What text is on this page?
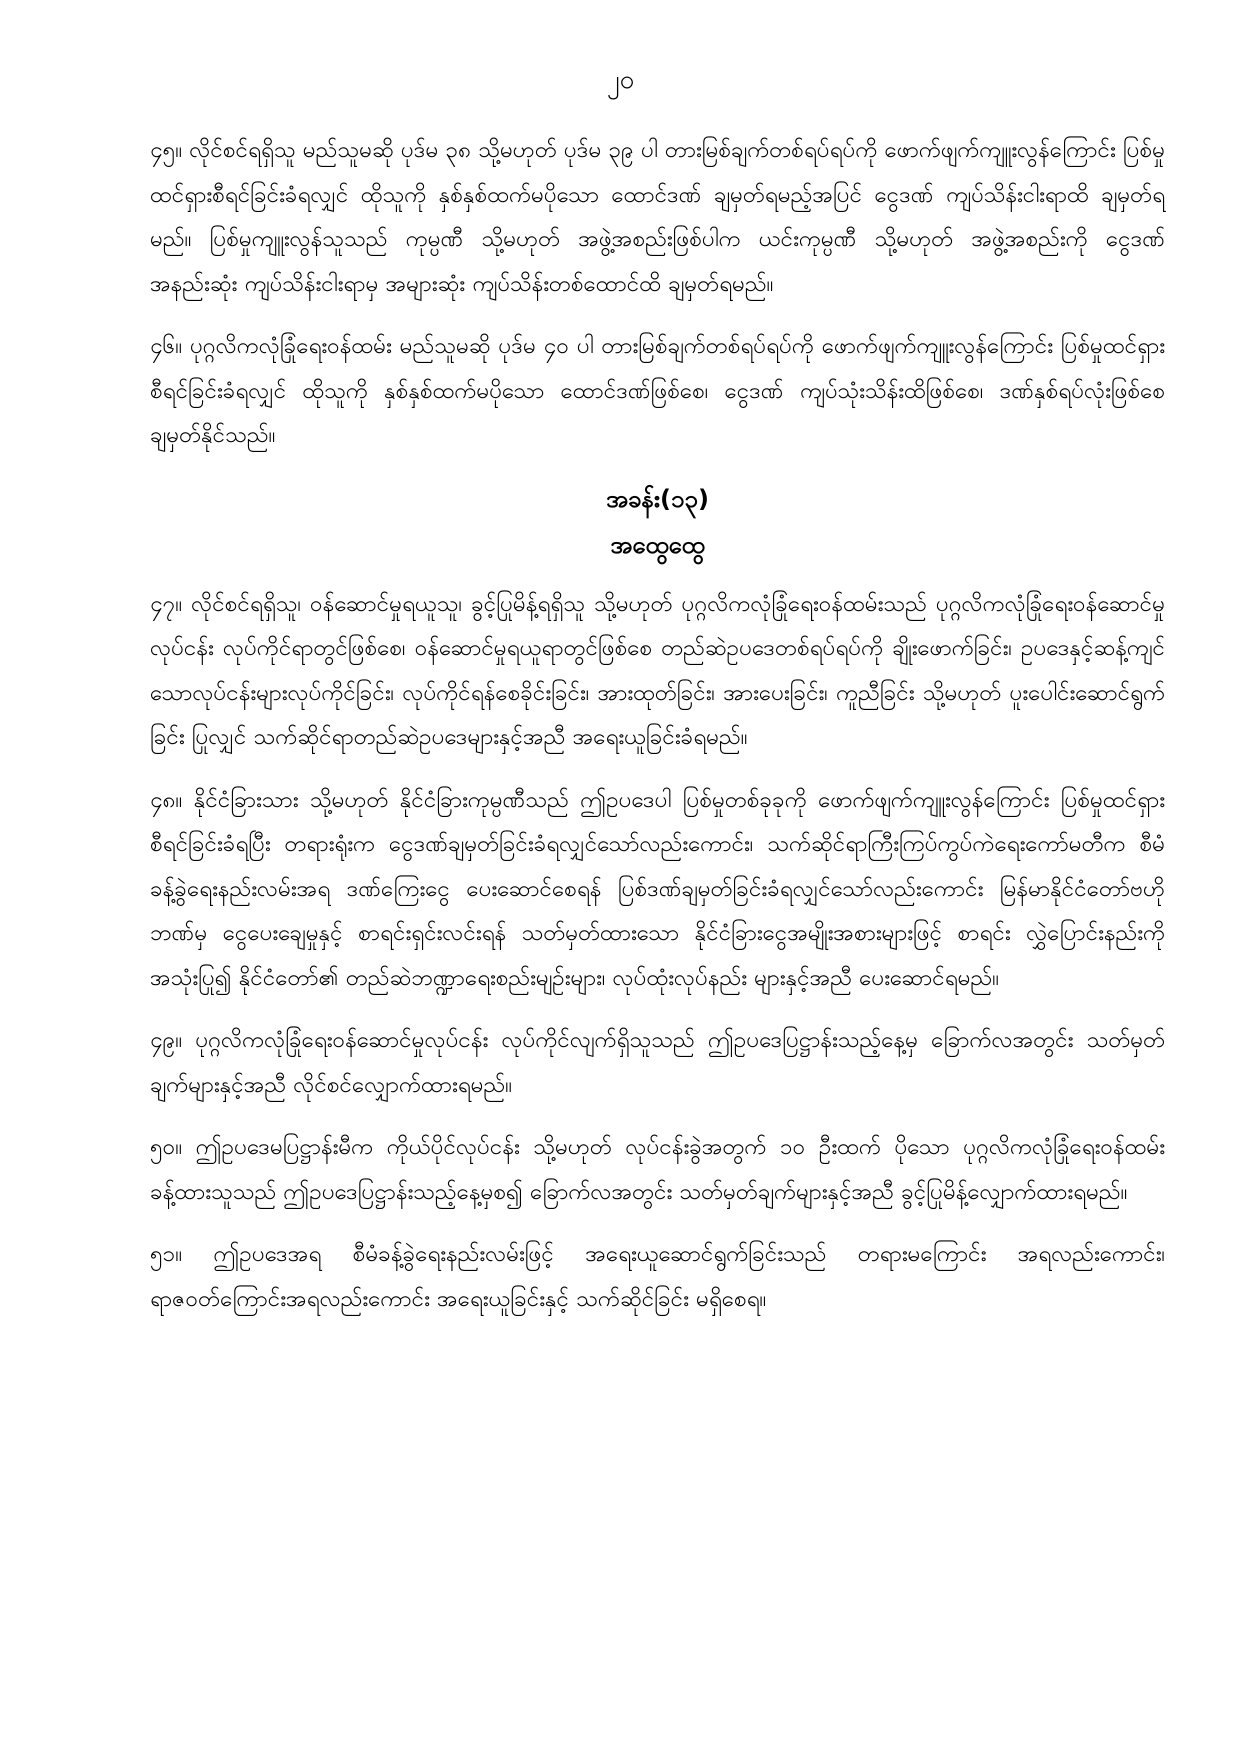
၂၀

၄၅။ လိုင်စင်ရရှိသူ မည်သူမဆို ပုဒ်မ ၃၈ သို့မဟုတ် ပုဒ်မ ၃၉ ပါ တားမြစ်ချက်တစ်ရပ်ရပ်ကို ဖောက်ဖျက်ကျူးလွန်ကြောင်း ပြစ်မှုထင်ရှားစီရင်ခြင်းခံရလျှင် ထိုသူကို နှစ်နှစ်ထက်မပိုသော ထောင်ဒဏ် ချမှတ်ရမည့်အပြင် ငွေဒဏ် ကျပ်သိန်းငါးရာထိ ချမှတ်ရမည်။ ပြစ်မှုကျူးလွန်သူသည် ကုမ္ပဏီ သို့မဟုတ် အဖွဲ့အစည်းဖြစ်ပါက ယင်းကုမ္ပဏီ သို့မဟုတ် အဖွဲ့အစည်းကို ငွေဒဏ် အနည်းဆုံး ကျပ်သိန်းငါးရာမှ အများဆုံး ကျပ်သိန်းတစ်ထောင်ထိ ချမှတ်ရမည်။

၄၆။ ပုဂ္ဂလိကလုံခြုံရေးဝန်ထမ်း မည်သူမဆို ပုဒ်မ ၄၀ ပါ တားမြစ်ချက်တစ်ရပ်ရပ်ကို ဖောက်ဖျက်ကျူးလွန်ကြောင်း ပြစ်မှုထင်ရှားစီရင်ခြင်းခံရလျှင် ထိုသူကို နှစ်နှစ်ထက်မပိုသော ထောင်ဒဏ်ဖြစ်စေ၊ ငွေဒဏ် ကျပ်သုံးသိန်းထိဖြစ်စေ၊ ဒဏ်နှစ်ရပ်လုံးဖြစ်စေ ချမှတ်နိုင်သည်။

အခန်း(၁၃)

အထွေထွေ

၄၇။ လိုင်စင်ရရှိသူ၊ ဝန်ဆောင်မှုရယူသူ၊ ခွင့်ပြုမိန့်ရရှိသူ သို့မဟုတ် ပုဂ္ဂလိကလုံခြုံရေးဝန်ထမ်းသည် ပုဂ္ဂလိကလုံခြုံရေးဝန်ဆောင်မှုလုပ်ငန်း လုပ်ကိုင်ရာတွင်ဖြစ်စေ၊ ဝန်ဆောင်မှုရယူရာတွင်ဖြစ်စေ တည်ဆဲဥပဒေတစ်ရပ်ရပ်ကို ချိုးဖောက်ခြင်း၊ ဥပဒေနှင့်ဆန့်ကျင်သောလုပ်ငန်းများလုပ်ကိုင်ခြင်း၊ လုပ်ကိုင်ရန်စေခိုင်းခြင်း၊ အားထုတ်ခြင်း၊ အားပေးခြင်း၊ ကူညီခြင်း သို့မဟုတ် ပူးပေါင်းဆောင်ရွက်ခြင်း ပြုလျှင် သက်ဆိုင်ရာတည်ဆဲဥပဒေများနှင့်အညီ အရေးယူခြင်းခံရမည်။

၄၈။ နိုင်ငံခြားသား သို့မဟုတ် နိုင်ငံခြားကုမ္ပဏီသည် ဤဥပဒေပါ ပြစ်မှုတစ်ခုခုကို ဖောက်ဖျက်ကျူးလွန်ကြောင်း ပြစ်မှုထင်ရှားစီရင်ခြင်းခံရပြီး တရားရုံးက ငွေဒဏ်ချမှတ်ခြင်းခံရလျှင်သော်လည်းကောင်း၊ သက်ဆိုင်ရာကြီးကြပ်ကွပ်ကဲရေးကော်မတီက စီမံခန့်ခွဲရေးနည်းလမ်းအရ ဒဏ်ကြေးငွေ ပေးဆောင်စေရန် ပြစ်ဒဏ်ချမှတ်ခြင်းခံရလျှင်သော်လည်းကောင်း မြန်မာနိုင်ငံတော်ဗဟိုဘဏ်မှ ငွေပေးချေမှုနှင့် စာရင်းရှင်းလင်းရန် သတ်မှတ်ထားသော နိုင်ငံခြားငွေအမျိုးအစားများဖြင့် စာရင်း လွှဲပြောင်းနည်းကို အသုံးပြု၍ နိုင်ငံတော်၏ တည်ဆဲဘဏ္ဍာရေးစည်းမျဉ်းများ၊ လုပ်ထုံးလုပ်နည်း များနှင့်အညီ ပေးဆောင်ရမည်။

၄၉။ ပုဂ္ဂလိကလုံခြုံရေးဝန်ဆောင်မှုလုပ်ငန်း လုပ်ကိုင်လျက်ရှိသူသည် ဤဥပဒေပြဋ္ဌာန်းသည့်နေ့မှ ခြောက်လအတွင်း သတ်မှတ်ချက်များနှင့်အညီ လိုင်စင်လျှောက်ထားရမည်။

၅၀။ ဤဥပဒေမပြဋ္ဌာန်းမီက ကိုယ်ပိုင်လုပ်ငန်း သို့မဟုတ် လုပ်ငန်းခွဲအတွက် ၁၀ ဦးထက် ပိုသော ပုဂ္ဂလိကလုံခြုံရေးဝန်ထမ်းခန့်ထားသူသည် ဤဥပဒေပြဋ္ဌာန်းသည့်နေ့မှစ၍ ခြောက်လအတွင်း သတ်မှတ်ချက်များနှင့်အညီ ခွင့်ပြုမိန့်လျှောက်ထားရမည်။

၅၁။ ဤဥပဒေအရ စီမံခန့်ခွဲရေးနည်းလမ်းဖြင့် အရေးယူဆောင်ရွက်ခြင်းသည် တရားမကြောင်း အရလည်းကောင်း၊ ရာဇဝတ်ကြောင်းအရလည်းကောင်း အရေးယူခြင်းနှင့် သက်ဆိုင်ခြင်း မရှိစေရ။
